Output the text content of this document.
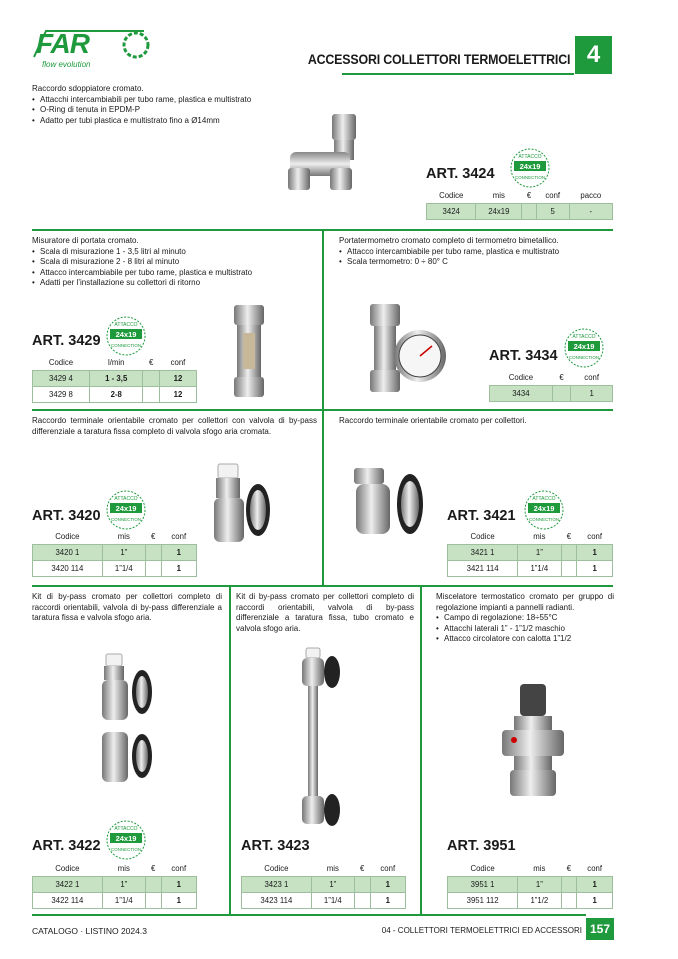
FAR
flow evolution	ACCESSORI COLLETTORI TERMOELETTRICI 4
Raccordo sdoppiatore cromato.
• Attacchi intercambiabili per tubo rame, plastica e multistrato
• O-Ring di tenuta in EPDM-P
• Adatto per tubi plastica e multistrato fino a Ø14mm
ART. 3424	24x19
ATTACCO
CONNECTION
Codice	mis	€	conf	pacco
3424	24x19		5	-
Misuratore di portata cromato.
• Scala di misurazione 1 - 3,5 litri al minuto
• Scala di misurazione 2 - 8 litri al minuto
• Attacco intercambiabile per tubo rame, plastica e multistrato
• Adatti per l’installazione su collettori di ritorno
ART. 3429 24x19
ATTACCO
CONNECTION
Codice	l/min	€	conf
3429 4	1 - 3,5		12
3429 8	2-8		12
Portatermometro cromato completo di termometro bimetallico.
• Attacco intercambiabile per tubo rame, plastica e multistrato
• Scala termometro: 0 ÷ 80° C
ART. 3434
24x19
ATTACCO
CONNECTION
Codice	€	conf
3434		1
Raccordo terminale orientabile cromato per collettori con valvola di by-pass differenziale a taratura fissa completo di valvola sfogo aria cromata.
ART. 3420 24x19
ATTACCO
CONNECTION
Codice	mis	€	conf
3420 1	1”		1
3420 114	1”1/4		1
Raccordo terminale orientabile cromato per collettori.
ART. 3421 24x19
ATTACCO
CONNECTION
Codice	mis	€	conf
3421 1	1”		1
3421 114	1”1/4		1
Kit di by-pass cromato per collettori completo di raccordi orientabili, valvola di by-pass differenziale a taratura fissa e valvola sfogo aria.
ART. 3422 24x19
ATTACCO
CONNECTION
Codice	mis	€	conf
3422 1	1”		1
3422 114	1”1/4		1
Kit di by-pass cromato per collettori completo di raccordi orientabili, valvola di by-pass differenziale a taratura fissa, tubo cromato e valvola sfogo aria.
ART. 3423
Codice	mis	€	conf
3423 1	1”		1
3423 114	1”1/4		1
Miscelatore termostatico cromato per gruppo di regolazione impianti a pannelli radianti.
• Campo di regolazione: 18÷55°C
• Attacchi laterali 1” - 1”1/2 maschio
• Attacco circolatore con calotta 1”1/2
ART. 3951
Codice	mis	€	conf
3951 1	1”		1
3951 112	1”1/2		1
CATALOGO · LISTINO 2024.3	04 - COLLETTORI TERMOELETTRICI ED ACCESSORI 157
